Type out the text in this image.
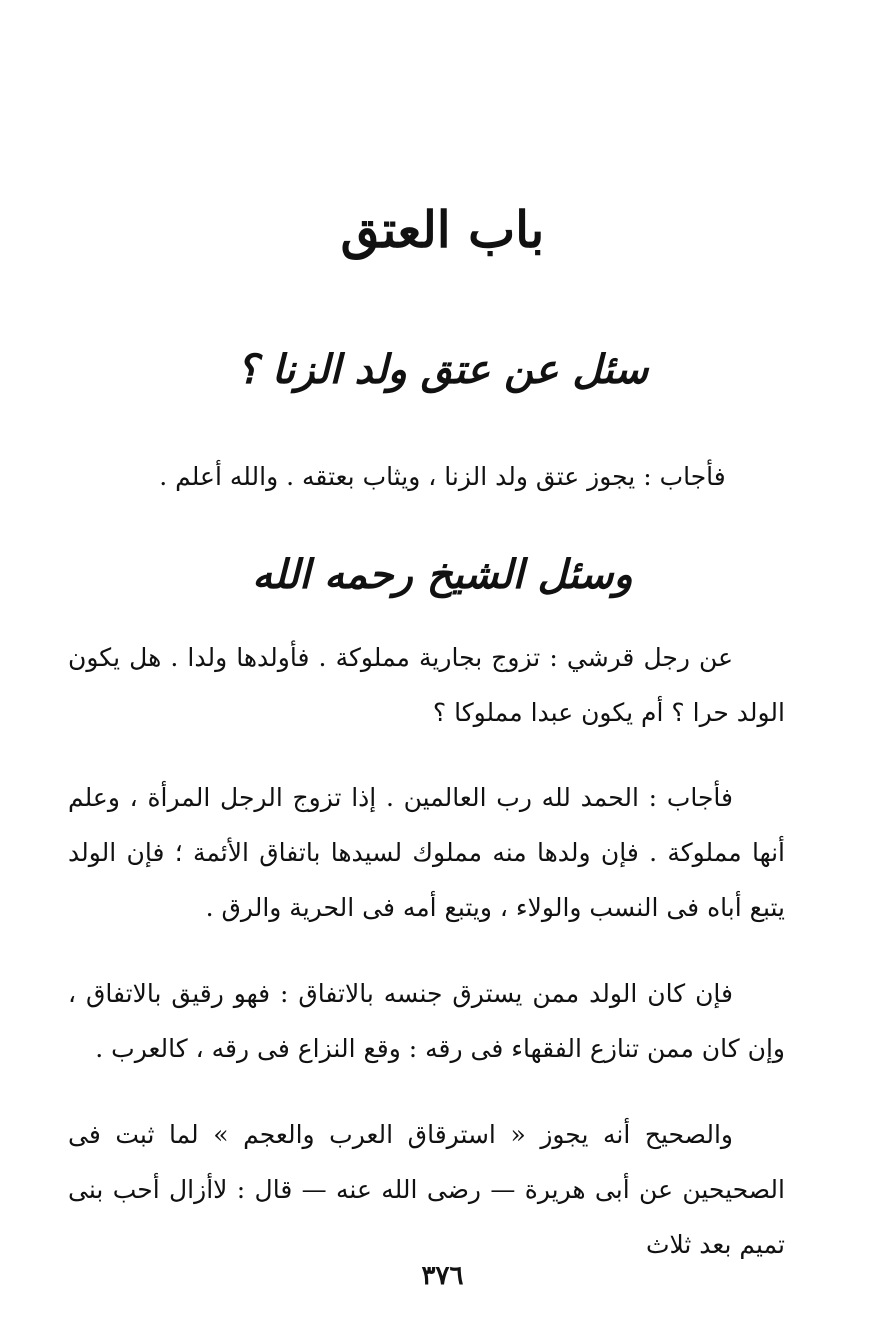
باب العتق
سئل عن عتق ولد الزنا ؟

فأجاب : يجوز عتق ولد الزنا ، ويثاب بعتقه . والله أعلم .

وسئل الشيخ رحمه الله

عن رجل قرشي : تزوج بجارية مملوكة . فأولدها ولدا . هل يكون الولد حرا ؟ أم يكون عبدا مملوكا ؟

فأجاب : الحمد لله رب العالمين . إذا تزوج الرجل المرأة ، وعلم أنها مملوكة . فإن ولدها منه مملوك لسيدها باتفاق الأئمة ؛ فإن الولد يتبع أباه فى النسب والولاء ، ويتبع أمه فى الحرية والرق .

فإن كان الولد ممن يسترق جنسه بالاتفاق : فهو رقيق بالاتفاق ، وإن كان ممن تنازع الفقهاء فى رقه : وقع النزاع فى رقه ، كالعرب .

والصحيح أنه يجوز « استرقاق العرب والعجم » لما ثبت فى الصحيحين عن أبى هريرة — رضى الله عنه — قال : لاأزال أحب بنى تميم بعد ثلاث

٣٧٦
